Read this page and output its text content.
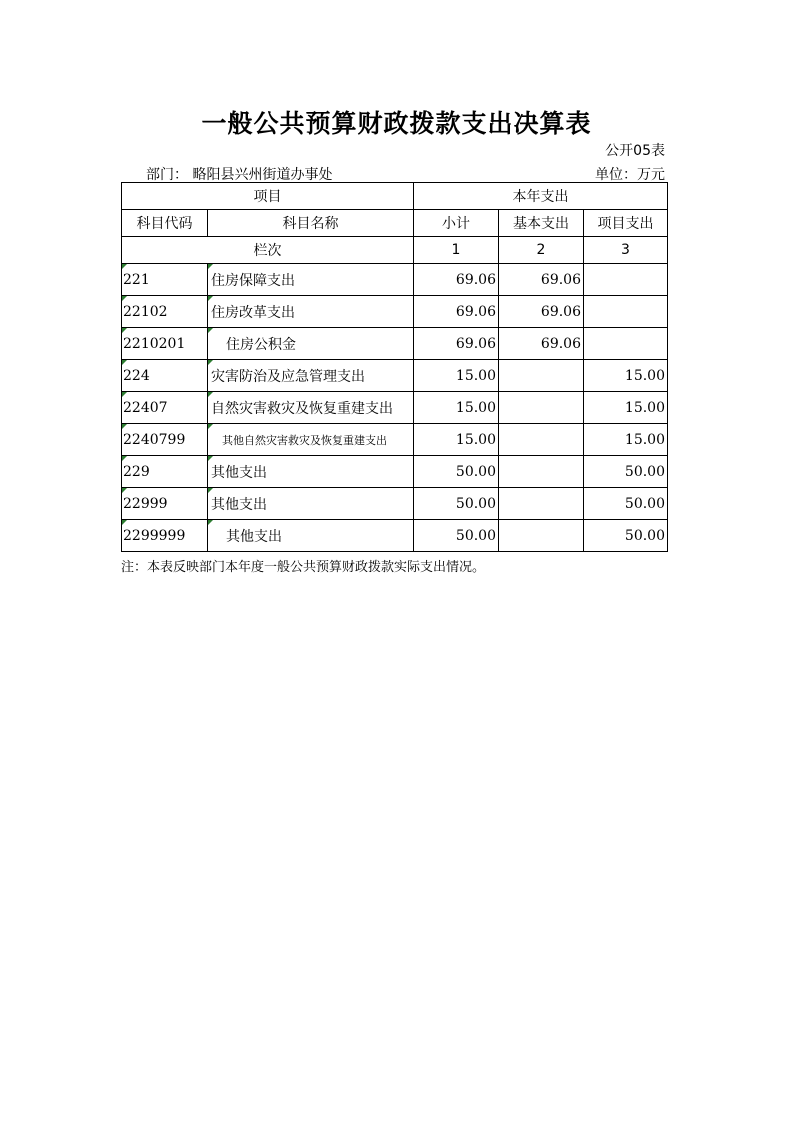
一般公共预算财政拨款支出决算表
公开05表
部门： 略阳县兴州街道办事处	单位：万元
项目		本年支出		
科目代码	科目名称	小计	基本支出	项目支出
栏次		1	2	3

221	住房保障支出	69.06	69.06	

22102	住房改革支出	69.06	69.06	

2210201	住房公积金	69.06	69.06	

224	灾害防治及应急管理支出	15.00		15.00

22407	自然灾害救灾及恢复重建支出	15.00		15.00

2240799	其他自然灾害救灾及恢复重建支出	15.00		15.00

229	其他支出	50.00		50.00

22999	其他支出	50.00		50.00

2299999	其他支出	50.00		50.00
注：本表反映部门本年度一般公共预算财政拨款实际支出情况。
